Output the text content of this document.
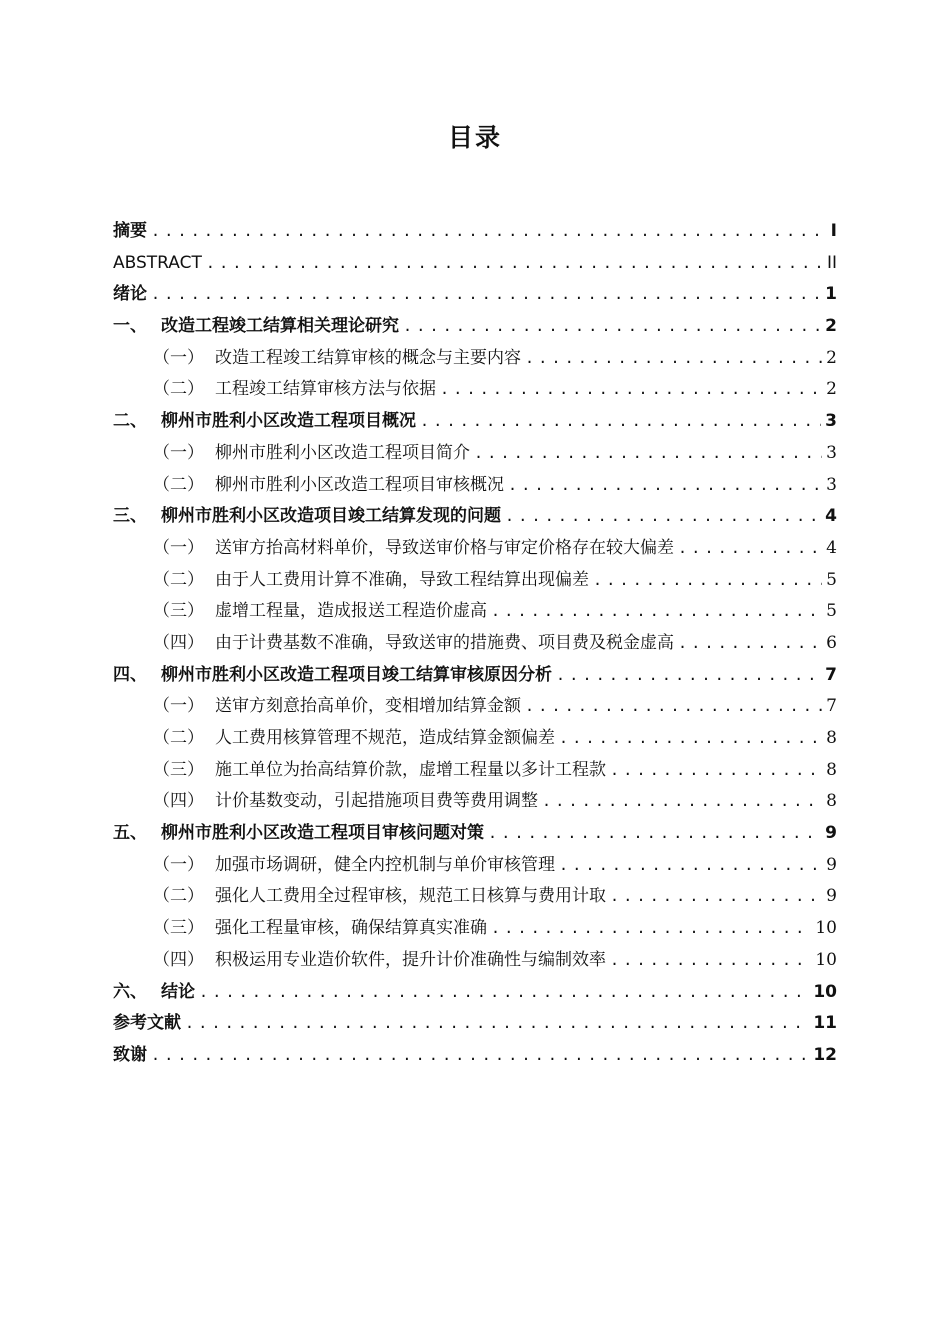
目录
摘要 .....	I
ABSTRACT .....	II
绪论 .....	1
一、 改造工程竣工结算相关理论研究 .....	2
（一） 改造工程竣工结算审核的概念与主要内容 .....	2
（二） 工程竣工结算审核方法与依据 .....	2
二、 柳州市胜利小区改造工程项目概况 .....	3
（一） 柳州市胜利小区改造工程项目简介 .....	3
（二） 柳州市胜利小区改造工程项目审核概况 .....	3
三、 柳州市胜利小区改造项目竣工结算发现的问题 .....	4
（一） 送审方抬高材料单价，导致送审价格与审定价格存在较大偏差 .....	4
（二） 由于人工费用计算不准确，导致工程结算出现偏差 .....	5
（三） 虚增工程量，造成报送工程造价虚高 .....	5
（四） 由于计费基数不准确，导致送审的措施费、项目费及税金虚高 .....	6
四、 柳州市胜利小区改造工程项目竣工结算审核原因分析 .....	7
（一） 送审方刻意抬高单价，变相增加结算金额 .....	7
（二） 人工费用核算管理不规范，造成结算金额偏差 .....	8
（三） 施工单位为抬高结算价款，虚增工程量以多计工程款 .....	8
（四） 计价基数变动，引起措施项目费等费用调整 .....	8
五、 柳州市胜利小区改造工程项目审核问题对策 .....	9
（一） 加强市场调研，健全内控机制与单价审核管理 .....	9
（二） 强化人工费用全过程审核，规范工日核算与费用计取 .....	9
（三） 强化工程量审核，确保结算真实准确 .....	10
（四） 积极运用专业造价软件，提升计价准确性与编制效率 .....	10
六、 结论 .....	10
参考文献 .....	11
致谢 .....	12
